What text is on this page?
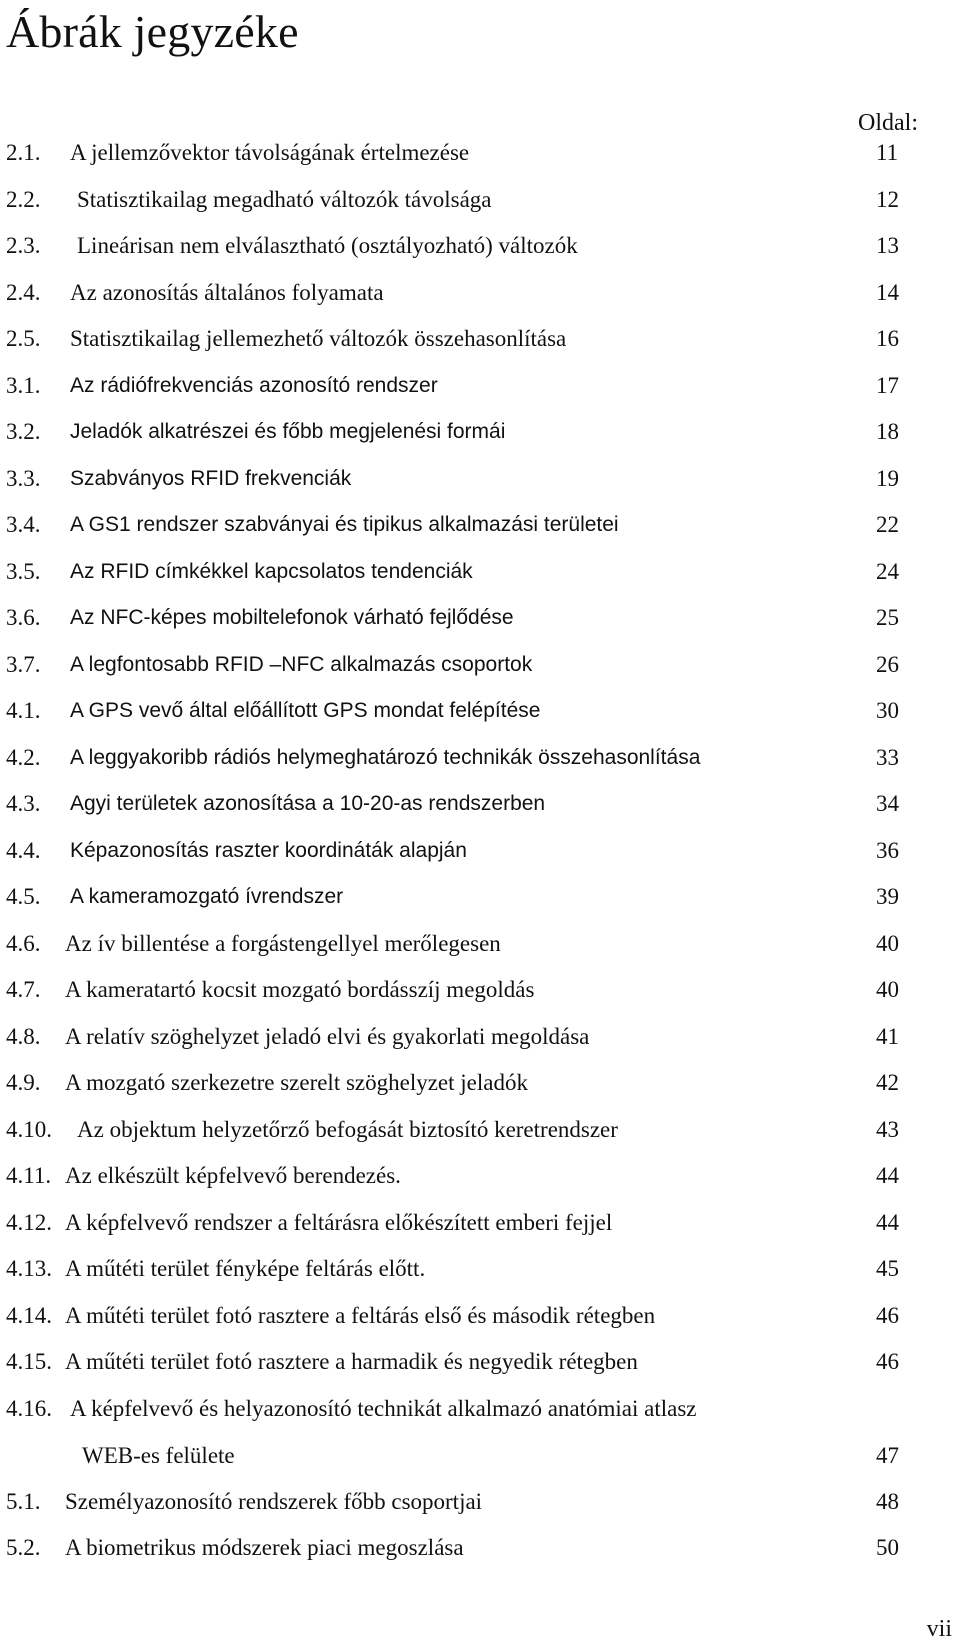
Ábrák jegyzéke
Oldal:
2.1. A jellemzővektor távolságának értelmezése	11
2.2. Statisztikailag megadható változók távolsága	12
2.3. Lineárisan nem elválasztható (osztályozható) változók	13
2.4. Az azonosítás általános folyamata	14
2.5. Statisztikailag jellemezhető változók összehasonlítása	16
3.1. Az rádiófrekvenciás azonosító rendszer	17
3.2. Jeladók alkatrészei és főbb megjelenési formái	18
3.3. Szabványos RFID frekvenciák	19
3.4. A GS1 rendszer szabványai és tipikus alkalmazási területei	22
3.5. Az RFID címkékkel kapcsolatos tendenciák	24
3.6. Az NFC-képes mobiltelefonok várható fejlődése	25
3.7. A legfontosabb RFID –NFC alkalmazás csoportok	26
4.1. A GPS vevő által előállított GPS mondat felépítése	30
4.2. A leggyakoribb rádiós helymeghatározó technikák összehasonlítása	33
4.3. Agyi területek azonosítása a 10-20-as rendszerben	34
4.4. Képazonosítás raszter koordináták alapján	36
4.5. A kameramozgató ívrendszer	39
4.6. Az ív billentése a forgástengellyel merőlegesen	40
4.7. A kameratartó kocsit mozgató bordásszíj megoldás	40
4.8. A relatív szöghelyzet jeladó elvi és gyakorlati megoldása	41
4.9. A mozgató szerkezetre szerelt szöghelyzet jeladók	42
4.10. Az objektum helyzetőrző befogását biztosító keretrendszer	43
4.11. Az elkészült képfelvevő berendezés.	44
4.12. A képfelvevő rendszer a feltárásra előkészített emberi fejjel	44
4.13. A műtéti terület fényképe feltárás előtt.	45
4.14. A műtéti terület fotó rasztere a feltárás első és második rétegben	46
4.15. A műtéti terület fotó rasztere a harmadik és negyedik rétegben	46
4.16. A képfelvevő és helyazonosító technikát alkalmazó anatómiai atlasz
WEB-es felülete	47
5.1. Személyazonosító rendszerek főbb csoportjai	48
5.2. A biometrikus módszerek piaci megoszlása	50
vii
